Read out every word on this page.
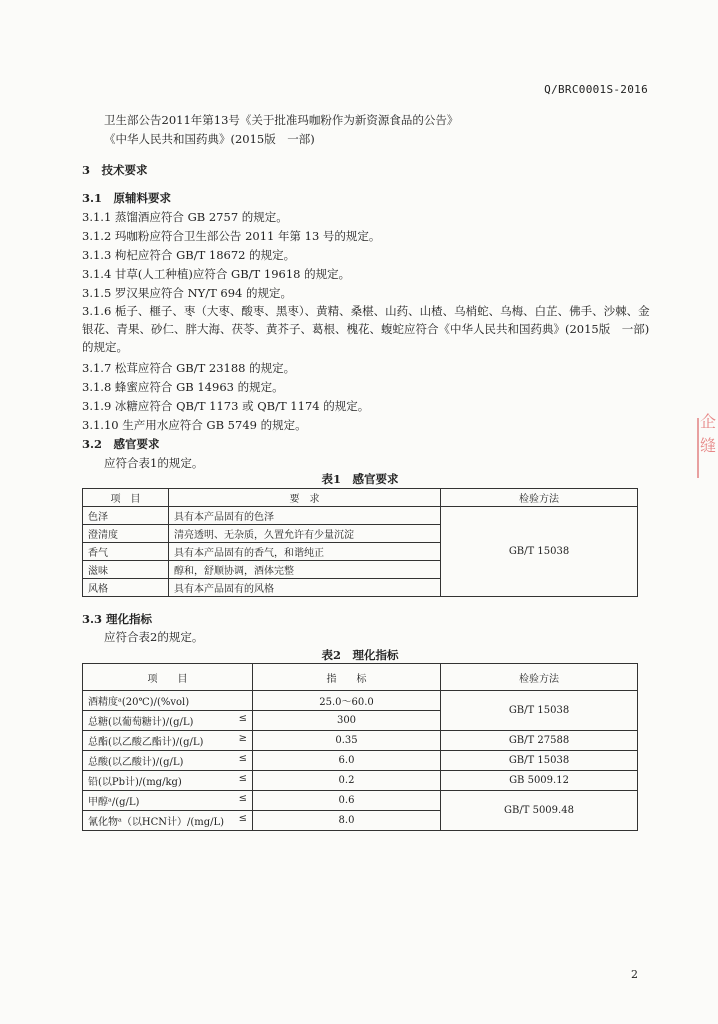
Q/BRC0001S-2016
卫生部公告2011年第13号《关于批准玛咖粉作为新资源食品的公告》
《中华人民共和国药典》(2015版　一部)
3　技术要求
3.1　原辅料要求
3.1.1 蒸馏酒应符合 GB 2757 的规定。
3.1.2 玛咖粉应符合卫生部公告 2011 年第 13 号的规定。
3.1.3 枸杞应符合 GB/T 18672 的规定。
3.1.4 甘草(人工种植)应符合 GB/T 19618 的规定。
3.1.5 罗汉果应符合 NY/T 694 的规定。
3.1.6 栀子、榧子、枣（大枣、酸枣、黑枣）、黄精、桑椹、山药、山楂、乌梢蛇、乌梅、白芷、佛手、沙棘、金银花、青果、砂仁、胖大海、茯苓、黄芥子、葛根、槐花、蝮蛇应符合《中华人民共和国药典》(2015版　一部)的规定。
3.1.7 松茸应符合 GB/T 23188 的规定。
3.1.8 蜂蜜应符合 GB 14963 的规定。
3.1.9 冰糖应符合 QB/T 1173 或 QB/T 1174 的规定。
3.1.10 生产用水应符合 GB 5749 的规定。
3.2　感官要求
应符合表1的规定。
表1　感官要求
项　目	要　求	检验方法
色泽	具有本产品固有的色泽	GB/T 15038
澄清度	清亮透明、无杂质，久置允许有少量沉淀	
香气	具有本产品固有的香气，和谐纯正	
滋味	醇和，舒顺协调，酒体完整	
风格	具有本产品固有的风格	
3.3 理化指标
应符合表2的规定。
表2　理化指标
项　　目	指　　标	检验方法
酒精度ᵃ(20℃)/(%vol)	25.0～60.0	GB/T 15038
总糖(以葡萄糖计)/(g/L) ≤	300	
总酯(以乙酸乙酯计)/(g/L) ≥	0.35	GB/T 27588
总酸(以乙酸计)/(g/L) ≤	6.0	GB/T 15038
铅(以Pb计)/(mg/kg) ≤	0.2	GB 5009.12
甲醇ᵃ/(g/L) ≤	0.6	GB/T 5009.48
氰化物ᵃ（以HCN计）/(mg/L) ≤	8.0	
企
缝
2
